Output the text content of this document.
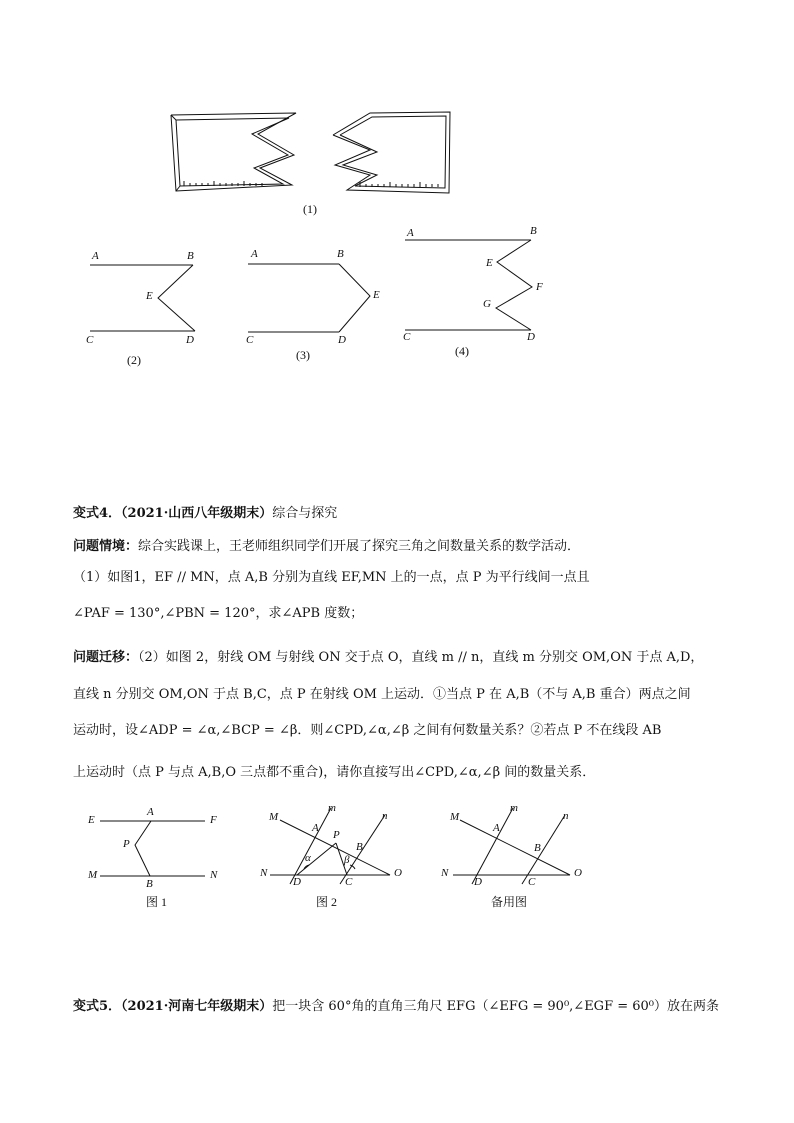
(1)
A	B
E
C	D
(2)
A	B
E
C	D
(3)
A	B
E
F
G
C	D
(4)
变式4．（2021·山西八年级期末）综合与探究
问题情境：综合实践课上，王老师组织同学们开展了探究三角之间数量关系的数学活动．
（1）如图1，EF // MN，点 A,B 分别为直线 EF,MN 上的一点，点 P 为平行线间一点且
∠PAF = 130°,∠PBN = 120°，求∠APB 度数；
问题迁移：（2）如图 2，射线 OM 与射线 ON 交于点 O，直线 m // n，直线 m 分别交 OM,ON 于点 A,D，
直线 n 分别交 OM,ON 于点 B,C，点 P 在射线 OM 上运动．①当点 P 在 A,B（不与 A,B 重合）两点之间
运动时，设∠ADP = ∠α,∠BCP = ∠β．则∠CPD,∠α,∠β 之间有何数量关系？②若点 P 不在线段 AB
上运动时（点 P 与点 A,B,O 三点都不重合)，请你直接写出∠CPD,∠α,∠β 间的数量关系．
E
A
F
P
M
B
N
图 1
M
m
n
A
P
B
α	β
N
D	C
O
图 2
M
m
n
A
B
N
D	C
O
备用图
变式5．（2021·河南七年级期末）把一块含 60°角的直角三角尺 EFG（∠EFG = 90⁰,∠EGF = 60⁰）放在两条
